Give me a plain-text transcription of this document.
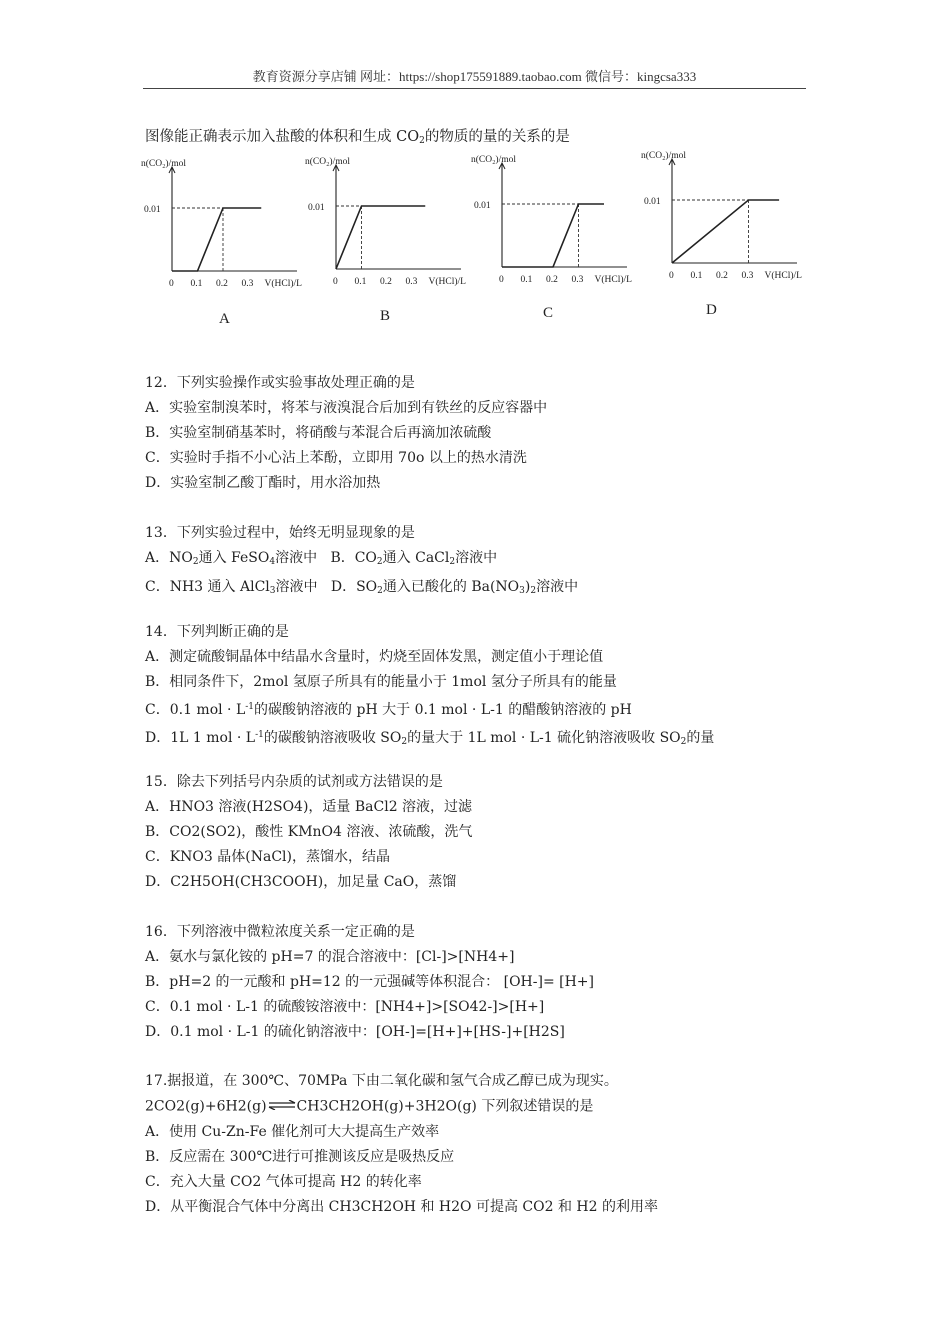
教育资源分享店铺 网址：https://shop175591889.taobao.com 微信号：kingcsa333
图像能正确表示加入盐酸的体积和生成 $CO_2$的物质的量的关系的是
n(CO₂)/mol
0.01
0 0.1 0.2 0.3 V(HCl)/L
n(CO₂)/mol
0.01
0 0.1 0.2 0.3 V(HCl)/L
n(CO₂)/mol
0.01
0 0.1 0.2 0.3 V(HCl)/L
n(CO₂)/mol
0.01
0 0.1 0.2 0.3 V(HCl)/L
A	B	C	D
12．下列实验操作或实验事故处理正确的是
A．实验室制溴苯时，将苯与液溴混合后加到有铁丝的反应容器中
B．实验室制硝基苯时，将硝酸与苯混合后再滴加浓硫酸
C．实验时手指不小心沾上苯酚，立即用 70o 以上的热水清洗
D．实验室制乙酸丁酯时，用水浴加热
13．下列实验过程中，始终无明显现象的是
A．$NO_2$通入 FeSO$_4$溶液中   B．$CO_2$通入 CaCl$_2$溶液中
C．NH3 通入 AlCl$_3$溶液中   D．$SO_2$通入已酸化的 $Ba(NO_3)_2$溶液中
14．下列判断正确的是
A．测定硫酸铜晶体中结晶水含量时，灼烧至固体发黑，测定值小于理论值
B．相同条件下，2mol 氢原子所具有的能量小于 1mol 氢分子所具有的能量
C．0.1 mol · $L^{-1}$的碳酸钠溶液的 pH 大于 0.1 mol · L-1 的醋酸钠溶液的 pH
D．1L 1 mol · $L^{-1}$的碳酸钠溶液吸收 $SO_2$的量大于 1L mol · L-1 硫化钠溶液吸收 $SO_2$的量
15．除去下列括号内杂质的试剂或方法错误的是
A．HNO3 溶液(H2SO4)，适量 BaCl2 溶液，过滤
B．CO2(SO2)，酸性 KMnO4 溶液、浓硫酸，洗气
C．KNO3 晶体(NaCl)，蒸馏水，结晶
D．C2H5OH(CH3COOH)，加足量 CaO，蒸馏
16．下列溶液中微粒浓度关系一定正确的是
A．氨水与氯化铵的 pH=7 的混合溶液中：[Cl-]>[NH4+]
B．pH=2 的一元酸和 pH=12 的一元强碱等体积混合： [OH-]= [H+]
C．0.1 mol · L-1 的硫酸铵溶液中：[NH4+]>[SO42-]>[H+]
D．0.1 mol · L-1 的硫化钠溶液中：[OH-]=[H+]+[HS-]+[H2S]
17.据报道，在 300℃、70MPa 下由二氧化碳和氢气合成乙醇已成为现实。
2CO2(g)+6H2(g)⇌CH3CH2OH(g)+3H2O(g) 下列叙述错误的是
A．使用 Cu-Zn-Fe 催化剂可大大提高生产效率
B．反应需在 300℃进行可推测该反应是吸热反应
C．充入大量 CO2 气体可提高 H2 的转化率
D．从平衡混合气体中分离出 CH3CH2OH 和 H2O 可提高 CO2 和 H2 的利用率
